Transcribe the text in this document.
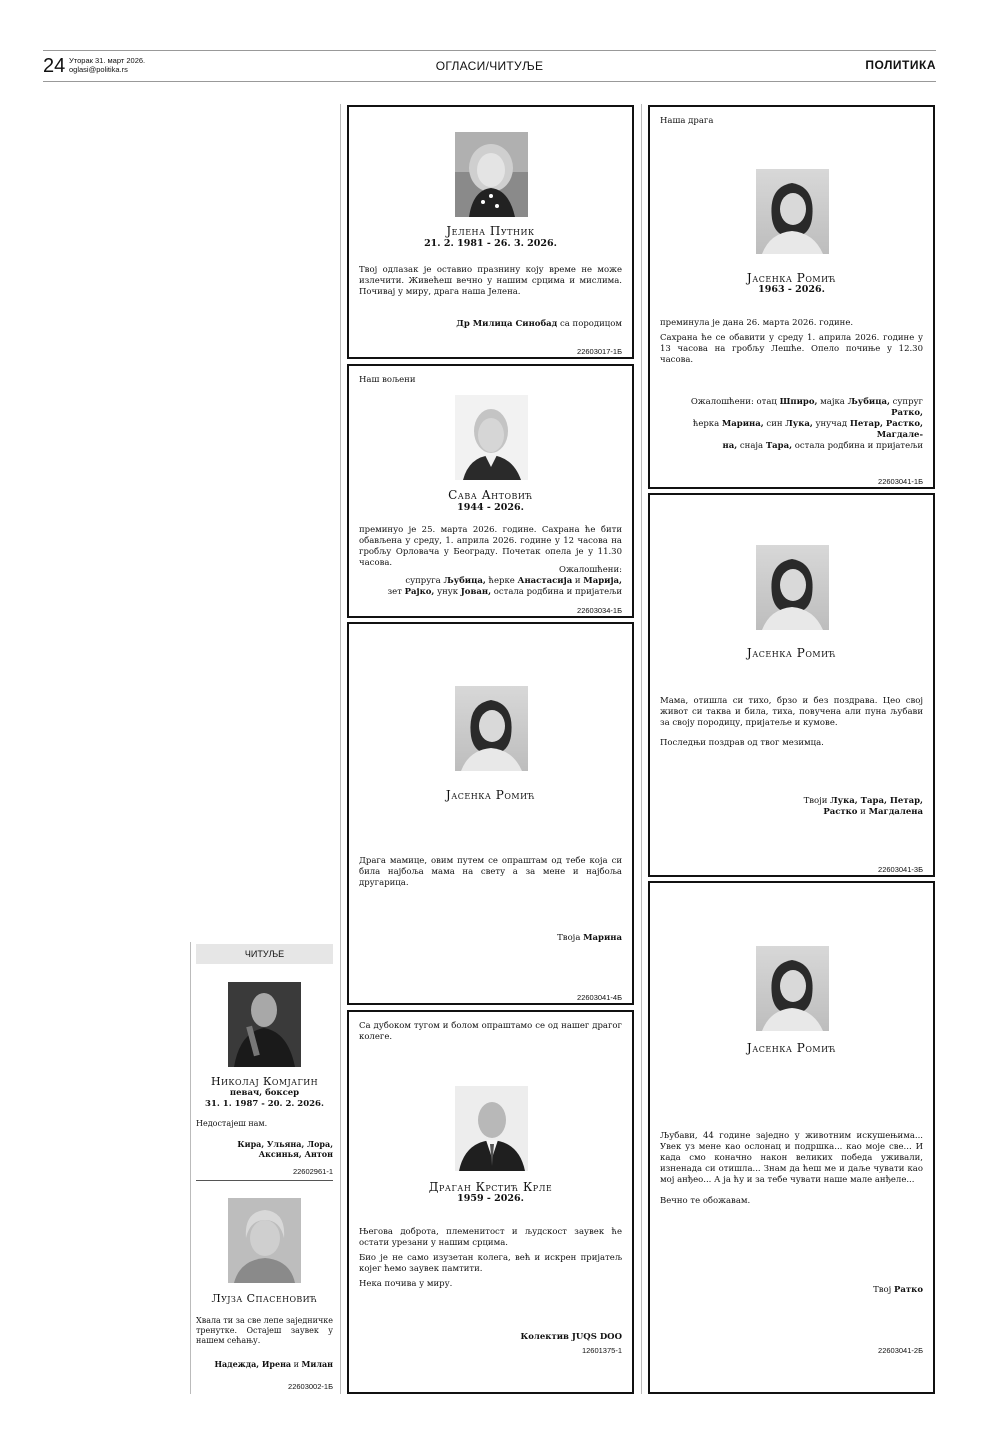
24 Уторак 31. март 2026.
oglasi@politika.rs	ОГЛАСИ/ЧИТУЉЕ	ПОЛИТИКА
Јелена Путник
21. 2. 1981 - 26. 3. 2026.
Твој одлазак је оставио празнину коју време не може излечити. Живећеш вечно у нашим срцима и мислима. Почивај у миру, драга наша Јелена.
Др Милица Синобад са породицом
22603017-1Б
Наш вољени
Сава Антовић
1944 - 2026.
преминуо је 25. марта 2026. године. Сахрана ће бити обављена у среду, 1. априла 2026. године у 12 часова на гробљу Орловача у Београду. Почетак опела је у 11.30 часова.
Ожалошћени:
супруга Љубица, ћерке Анастасија и Марија,
зет Рајко, унук Јован, остала родбина и пријатељи
22603034-1Б
Јасенка Ромић
Драга мамице, овим путем се опраштам од тебе која си била најбоља мама на свету а за мене и најбоља другарица.
Твоја Марина
22603041-4Б
Са дубоком тугом и болом опраштамо се од нашег драгог колеге.
Драган Крстић Крле
1959 - 2026.

Његова доброта, племенитост и људскост заувек ће остати урезани у нашим срцима.

Био је не само изузетан колега, већ и искрен пријатељ којег ћемо заувек памтити.

Нека почива у миру.

Колектив JUQS DOO
12601375-1
Наша драга
Јасенка Ромић
1963 - 2026.

преминула је дана 26. марта 2026. године.

Сахрана ће се обавити у среду 1. априла 2026. године у 13 часова на гробљу Лешће. Опело почиње у 12.30 часова.

Ожалошћени: отац Шпиро, мајка Љубица, супруг Ратко,
ћерка Марина, син Лука, унучад Петар, Растко, Магдале-
на, снаја Тара, остала родбина и пријатељи
22603041-1Б
Јасенка Ромић

Мама, отишла си тихо, брзо и без поздрава. Цео свој живот си таква и била, тиха, повучена али пуна љубави за своју породицу, пријатеље и кумове.

Последњи поздрав од твог мезимца.

Твоји Лука, Тара, Петар,
Растко и Магдалена
22603041-3Б
Јасенка Ромић

Љубави, 44 године заједно у животним искушењима... Увек уз мене као ослонац и подршка... као моје све... И када смо коначно након великих победа уживали, изненада си отишла... Знам да ћеш ме и даље чувати као мој анђео... А ја ћу и за тебе чувати наше мале анђеле...

Вечно те обожавам.

Твој Ратко
22603041-2Б
ЧИТУЉЕ
Николај Комјагин
певач, боксер
31. 1. 1987 - 20. 2. 2026.
Недостајеш нам.
Кира, Ульяна, Лора,
Аксинья, Антон
22602961-1
Лујза Спасеновић
Хвала ти за све лепе заједничке тренутке. Остајеш заувек у нашем сећању.
Надежда, Ирена и Милан
22603002-1Б
